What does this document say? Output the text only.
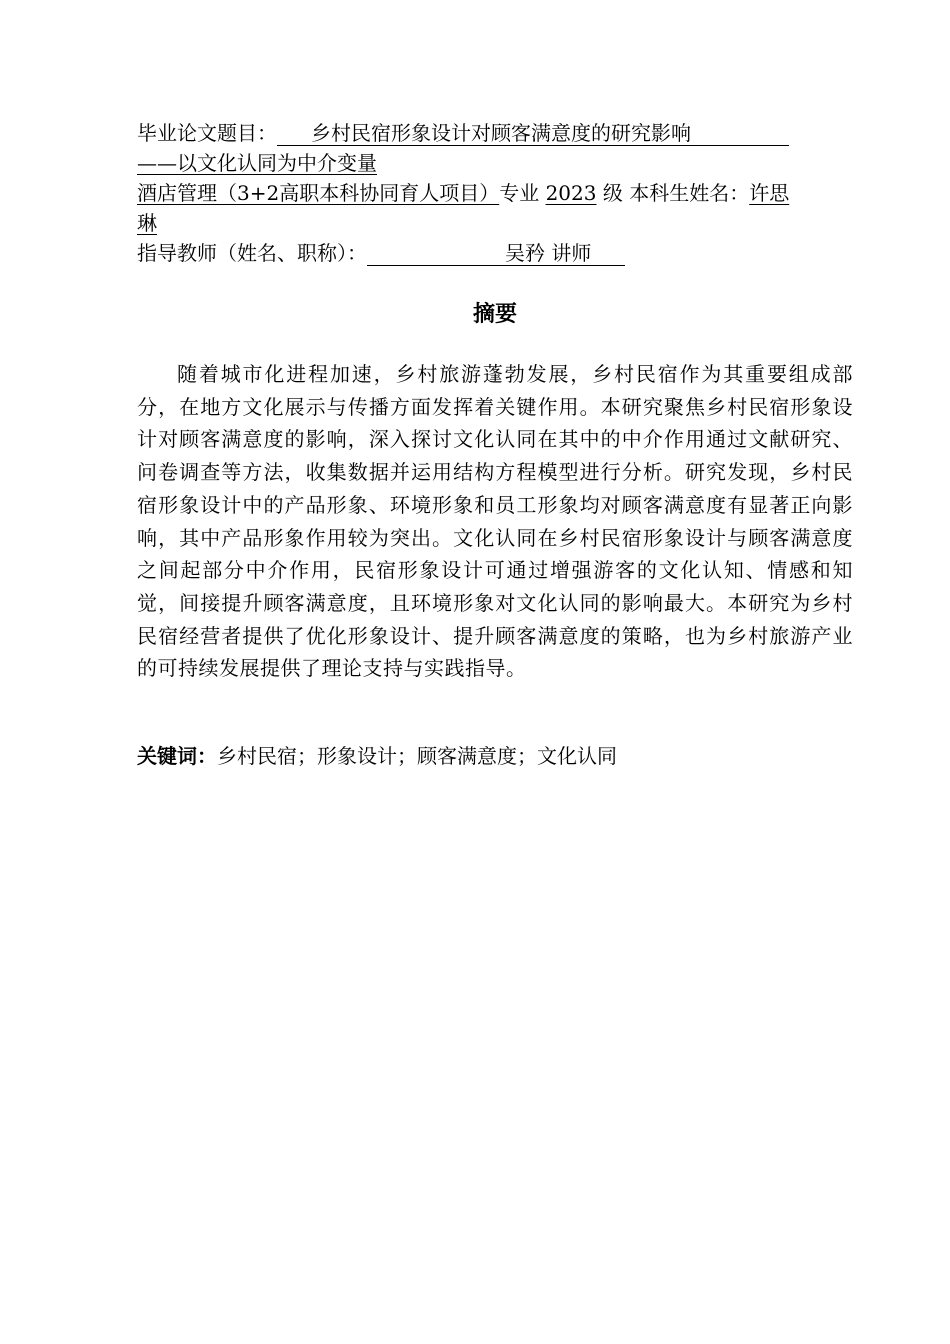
毕业论文题目： 乡村民宿形象设计对顾客满意度的研究影响
——以文化认同为中介变量
酒店管理（3+2高职本科协同育人项目）专业 2023 级 本科生姓名：许思
琳
指导教师（姓名、职称）：	吴矜 讲师
摘要

随着城市化进程加速，乡村旅游蓬勃发展，乡村民宿作为其重要组成部分，在地方文化展示与传播方面发挥着关键作用。本研究聚焦乡村民宿形象设计对顾客满意度的影响，深入探讨文化认同在其中的中介作用通过文献研究、问卷调查等方法，收集数据并运用结构方程模型进行分析。研究发现，乡村民宿形象设计中的产品形象、环境形象和员工形象均对顾客满意度有显著正向影响，其中产品形象作用较为突出。文化认同在乡村民宿形象设计与顾客满意度之间起部分中介作用，民宿形象设计可通过增强游客的文化认知、情感和知觉，间接提升顾客满意度，且环境形象对文化认同的影响最大。本研究为乡村民宿经营者提供了优化形象设计、提升顾客满意度的策略，也为乡村旅游产业的可持续发展提供了理论支持与实践指导。

关键词：乡村民宿；形象设计；顾客满意度；文化认同
